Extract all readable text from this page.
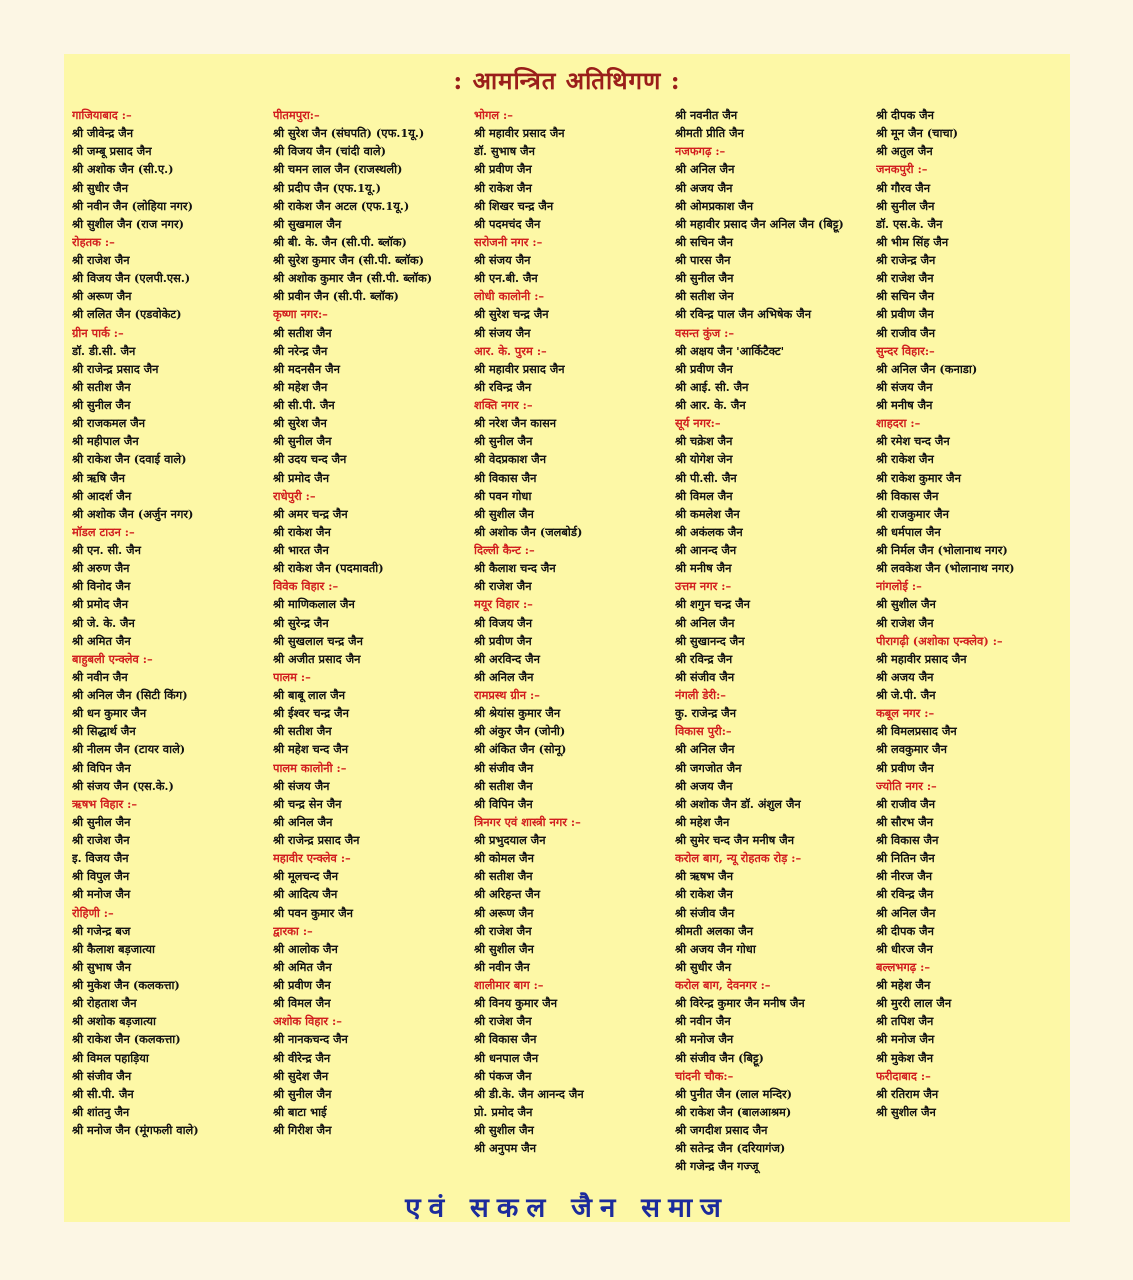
: आमन्त्रित अतिथिगण :
गाजियाबाद :–
श्री जीवेन्द्र जैन
श्री जम्बू प्रसाद जैन
श्री अशोक जैन (सी.ए.)
श्री सुधीर जैन
श्री नवीन जैन (लोहिया नगर)
श्री सुशील जैन (राज नगर)
रोहतक :–
श्री राजेश जैन
श्री विजय जैन (एलपी.एस.)
श्री अरूण जैन
श्री ललित जैन (एडवोकेट)
ग्रीन पार्क :–
डॉ. डी.सी. जैन
श्री राजेन्द्र प्रसाद जैन
श्री सतीश जैन
श्री सुनील जैन
श्री राजकमल जैन
श्री महीपाल जैन
श्री राकेश जैन (दवाई वाले)
श्री ऋषि जैन
श्री आदर्श जैन
श्री अशोक जैन (अर्जुन नगर)
मॉडल टाउन :–
श्री एन. सी. जैन
श्री अरुण जैन
श्री विनोद जैन
श्री प्रमोद जैन
श्री जे. के. जैन
श्री अमित जैन
बाहुबली एन्क्लेव :–
श्री नवीन जैन
श्री अनिल जैन (सिटी किंग)
श्री धन कुमार जैन
श्री सिद्धार्थ जैन
श्री नीलम जैन (टायर वाले)
श्री विपिन जैन
श्री संजय जैन (एस.के.)
ऋषभ विहार :–
श्री सुनील जैन
श्री राजेश जैन
इ. विजय जैन
श्री विपुल जैन
श्री मनोज जैन
रोहिणी :–
श्री गजेन्द्र बज
श्री कैलाश बड़जात्या
श्री सुभाष जैन
श्री मुकेश जैन (कलकत्ता)
श्री रोहताश जैन
श्री अशोक बड़जात्या
श्री राकेश जैन (कलकत्ता)
श्री विमल पहाड़िया
श्री संजीव जैन
श्री सी.पी. जैन
श्री शांतनु जैन
श्री मनोज जैन (मूंगफली वाले)
पीतमपुरा:–
श्री सुरेश जैन (संघपति) (एफ.1यू.)
श्री विजय जैन (चांदी वाले)
श्री चमन लाल जैन (राजस्थली)
श्री प्रदीप जैन (एफ.1यू.)
श्री राकेश जैन अटल (एफ.1यू.)
श्री सुखमाल जैन
श्री बी. के. जैन (सी.पी. ब्लॉक)
श्री सुरेश कुमार जैन (सी.पी. ब्लॉक)
श्री अशोक कुमार जैन (सी.पी. ब्लॉक)
श्री प्रवीन जैन (सी.पी. ब्लॉक)
कृष्णा नगर:–
श्री सतीश जैन
श्री नरेन्द्र जैन
श्री मदनसैन जैन
श्री महेश जैन
श्री सी.पी. जैन
श्री सुरेश जैन
श्री सुनील जैन
श्री उदय चन्द जैन
श्री प्रमोद जैन
राधेपुरी :–
श्री अमर चन्द्र जैन
श्री राकेश जैन
श्री भारत जैन
श्री राकेश जैन (पदमावती)
विवेक विहार :–
श्री माणिकलाल जैन
श्री सुरेन्द्र जैन
श्री सुखलाल चन्द्र जैन
श्री अजीत प्रसाद जैन
पालम :–
श्री बाबू लाल जैन
श्री ईश्वर चन्द्र जैन
श्री सतीश जैन
श्री महेश चन्द जैन
पालम कालोनी :–
श्री संजय जैन
श्री चन्द्र सेन जैन
श्री अनिल जैन
श्री राजेन्द्र प्रसाद जैन
महावीर एन्क्लेव :–
श्री मूलचन्द जैन
श्री आदित्य जैन
श्री पवन कुमार जैन
द्वारका :–
श्री आलोक जैन
श्री अमित जैन
श्री प्रवीण जैन
श्री विमल जैन
अशोक विहार :–
श्री नानकचन्द जैन
श्री वीरेन्द्र जैन
श्री सुदेश जैन
श्री सुनील जैन
श्री बाटा भाई
श्री गिरीश जैन
भोगल :–
श्री महावीर प्रसाद जैन
डॉ. सुभाष जैन
श्री प्रवीण जैन
श्री राकेश जैन
श्री शिखर चन्द्र जैन
श्री पदमचंद जैन
सरोजनी नगर :–
श्री संजय जैन
श्री एन.बी. जैन
लोधी कालोनी :–
श्री सुरेश चन्द्र जैन
श्री संजय जैन
आर. के. पुरम :–
श्री महावीर प्रसाद जैन
श्री रविन्द्र जैन
शक्ति नगर :–
श्री नरेश जैन कासन
श्री सुनील जैन
श्री वेदप्रकाश जैन
श्री विकास जैन
श्री पवन गोधा
श्री सुशील जैन
श्री अशोक जैन (जलबोर्ड)
दिल्ली कैन्ट :–
श्री कैलाश चन्द जैन
श्री राजेश जैन
मयूर विहार :–
श्री विजय जैन
श्री प्रवीण जैन
श्री अरविन्द जैन
श्री अनिल जैन
रामप्रस्थ ग्रीन :–
श्री श्रेयांस कुमार जैन
श्री अंकुर जैन (जोनी)
श्री अंकित जैन (सोनू)
श्री संजीव जैन
श्री सतीश जैन
श्री विपिन जैन
त्रिनगर एवं शास्त्री नगर :–
श्री प्रभुदयाल जैन
श्री कोमल जैन
श्री सतीश जैन
श्री अरिहन्त जैन
श्री अरूण जैन
श्री राजेश जैन
श्री सुशील जैन
श्री नवीन जैन
शालीमार बाग :–
श्री विनय कुमार जैन
श्री राजेश जैन
श्री विकास जैन
श्री धनपाल जैन
श्री पंकज जैन
श्री डी.के. जैन आनन्द जैन
प्रो. प्रमोद जैन
श्री सुशील जैन
श्री अनुपम जैन
श्री नवनीत जैन
श्रीमती प्रीति जैन
नजफगढ़ :–
श्री अनिल जैन
श्री अजय जैन
श्री ओमप्रकाश जैन
श्री महावीर प्रसाद जैन अनिल जैन (बिट्टू)
श्री सचिन जैन
श्री पारस जैन
श्री सुनील जैन
श्री सतीश जेन
श्री रविन्द्र पाल जैन अभिषेक जैन
वसन्त कुंज :–
श्री अक्षय जैन 'आर्किटैक्ट'
श्री प्रवीण जैन
श्री आई. सी. जैन
श्री आर. के. जैन
सूर्य नगर:–
श्री चक्रेश जैन
श्री योगेश जेन
श्री पी.सी. जैन
श्री विमल जैन
श्री कमलेश जैन
श्री अकंलक जैन
श्री आनन्द जैन
श्री मनीष जैन
उत्तम नगर :–
श्री शगुन चन्द्र जैन
श्री अनिल जैन
श्री सुखानन्द जैन
श्री रविन्द्र जैन
श्री संजीव जैन
नंगली डेरी:–
कु. राजेन्द्र जैन
विकास पुरी:–
श्री अनिल जैन
श्री जगजोत जैन
श्री अजय जैन
श्री अशोक जैन डॉ. अंशुल जैन
श्री महेश जैन
श्री सुमेर चन्द जैन मनीष जैन
करोल बाग, न्यू रोहतक रोड़ :–
श्री ऋषभ जैन
श्री राकेश जैन
श्री संजीव जैन
श्रीमती अलका जैन
श्री अजय जैन गोधा
श्री सुधीर जैन
करोल बाग, देवनगर :–
श्री विरेन्द्र कुमार जैन मनीष जैन
श्री नवीन जैन
श्री मनोज जैन
श्री संजीव जैन (बिट्टू)
चांदनी चौक:–
श्री पुनीत जैन (लाल मन्दिर)
श्री राकेश जैन (बालआश्रम)
श्री जगदीश प्रसाद जैन
श्री सतेन्द्र जैन (दरियागंज)
श्री गजेन्द्र जैन गज्जू
श्री दीपक जैन
श्री मून जैन (चाचा)
श्री अतुल जैन
जनकपुरी :–
श्री गौरव जैन
श्री सुनील जैन
डॉ. एस.के. जैन
श्री भीम सिंह जैन
श्री राजेन्द्र जैन
श्री राजेश जैन
श्री सचिन जैन
श्री प्रवीण जैन
श्री राजीव जैन
सुन्दर विहार:–
श्री अनिल जैन (कनाडा)
श्री संजय जैन
श्री मनीष जैन
शाहदरा :–
श्री रमेश चन्द जैन
श्री राकेश जैन
श्री राकेश कुमार जैन
श्री विकास जैन
श्री राजकुमार जैन
श्री धर्मपाल जैन
श्री निर्मल जैन (भोलानाथ नगर)
श्री लवकेश जैन (भोलानाथ नगर)
नांगलोई :–
श्री सुशील जैन
श्री राजेश जैन
पीरागढ़ी (अशोका एन्क्लेव) :–
श्री महावीर प्रसाद जैन
श्री अजय जैन
श्री जे.पी. जैन
कबूल नगर :–
श्री विमलप्रसाद जैन
श्री लवकुमार जैन
श्री प्रवीण जैन
ज्योति नगर :–
श्री राजीव जैन
श्री सौरभ जैन
श्री विकास जैन
श्री नितिन जैन
श्री नीरज जैन
श्री रविन्द्र जैन
श्री अनिल जैन
श्री दीपक जैन
श्री धीरज जैन
बल्लभगढ़ :–
श्री महेश जैन
श्री मुररी लाल जैन
श्री तपिश जैन
श्री मनोज जैन
श्री मुकेश जैन
फरीदाबाद :–
श्री रतिराम जैन
श्री सुशील जैन
एवं सकल जैन समाज
